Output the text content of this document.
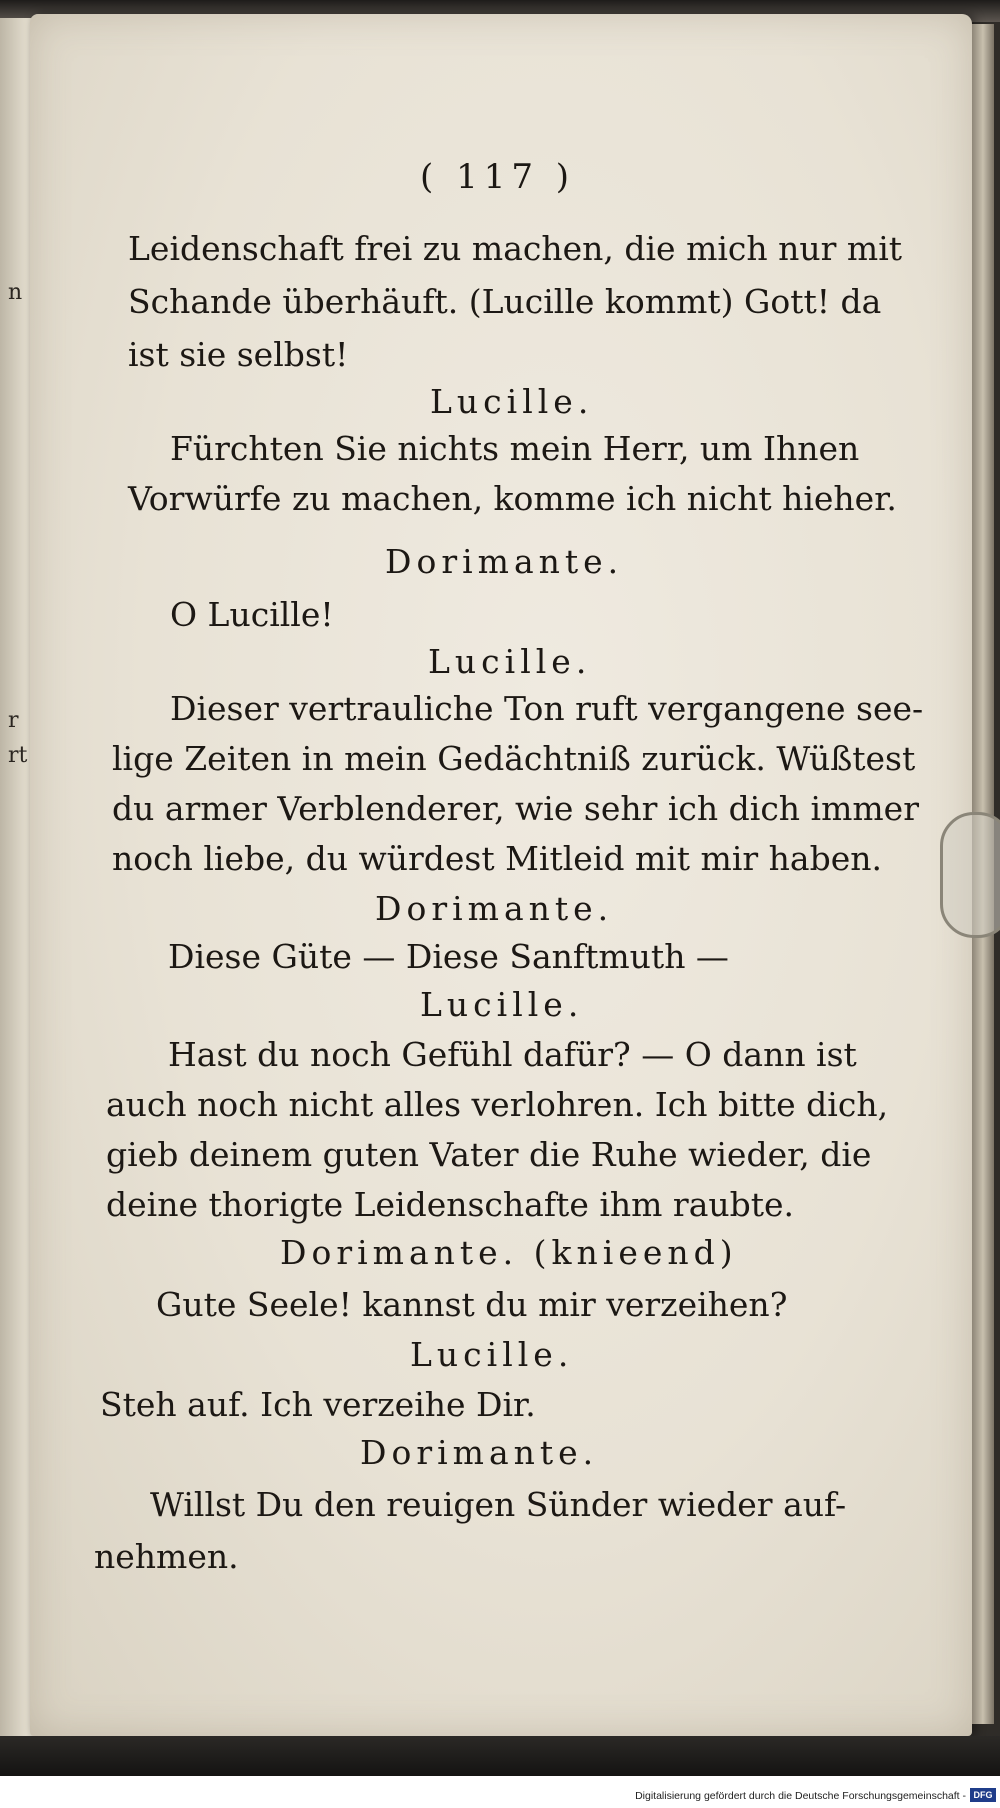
n
r
rt
( 117 )
Leidenschaft frei zu machen, die mich nur mit
Schande überhäuft. (Lucille kommt) Gott! da
ist sie selbst!
Lucille.
Fürchten Sie nichts mein Herr, um Ihnen
Vorwürfe zu machen, komme ich nicht hieher.
Dorimante.
O Lucille!
Lucille.
Dieser vertrauliche Ton ruft vergangene see-
lige Zeiten in mein Gedächtniß zurück. Wüßtest
du armer Verblenderer, wie sehr ich dich immer
noch liebe, du würdest Mitleid mit mir haben.
Dorimante.
Diese Güte — Diese Sanftmuth —
Lucille.
Hast du noch Gefühl dafür? — O dann ist
auch noch nicht alles verlohren. Ich bitte dich,
gieb deinem guten Vater die Ruhe wieder, die
deine thorigte Leidenschafte ihm raubte.
Dorimante. (knieend)
Gute Seele! kannst du mir verzeihen?
Lucille.
Steh auf. Ich verzeihe Dir.
Dorimante.
Willst Du den reuigen Sünder wieder auf-
nehmen.
Digitalisierung gefördert durch die Deutsche Forschungsgemeinschaft - DFG
